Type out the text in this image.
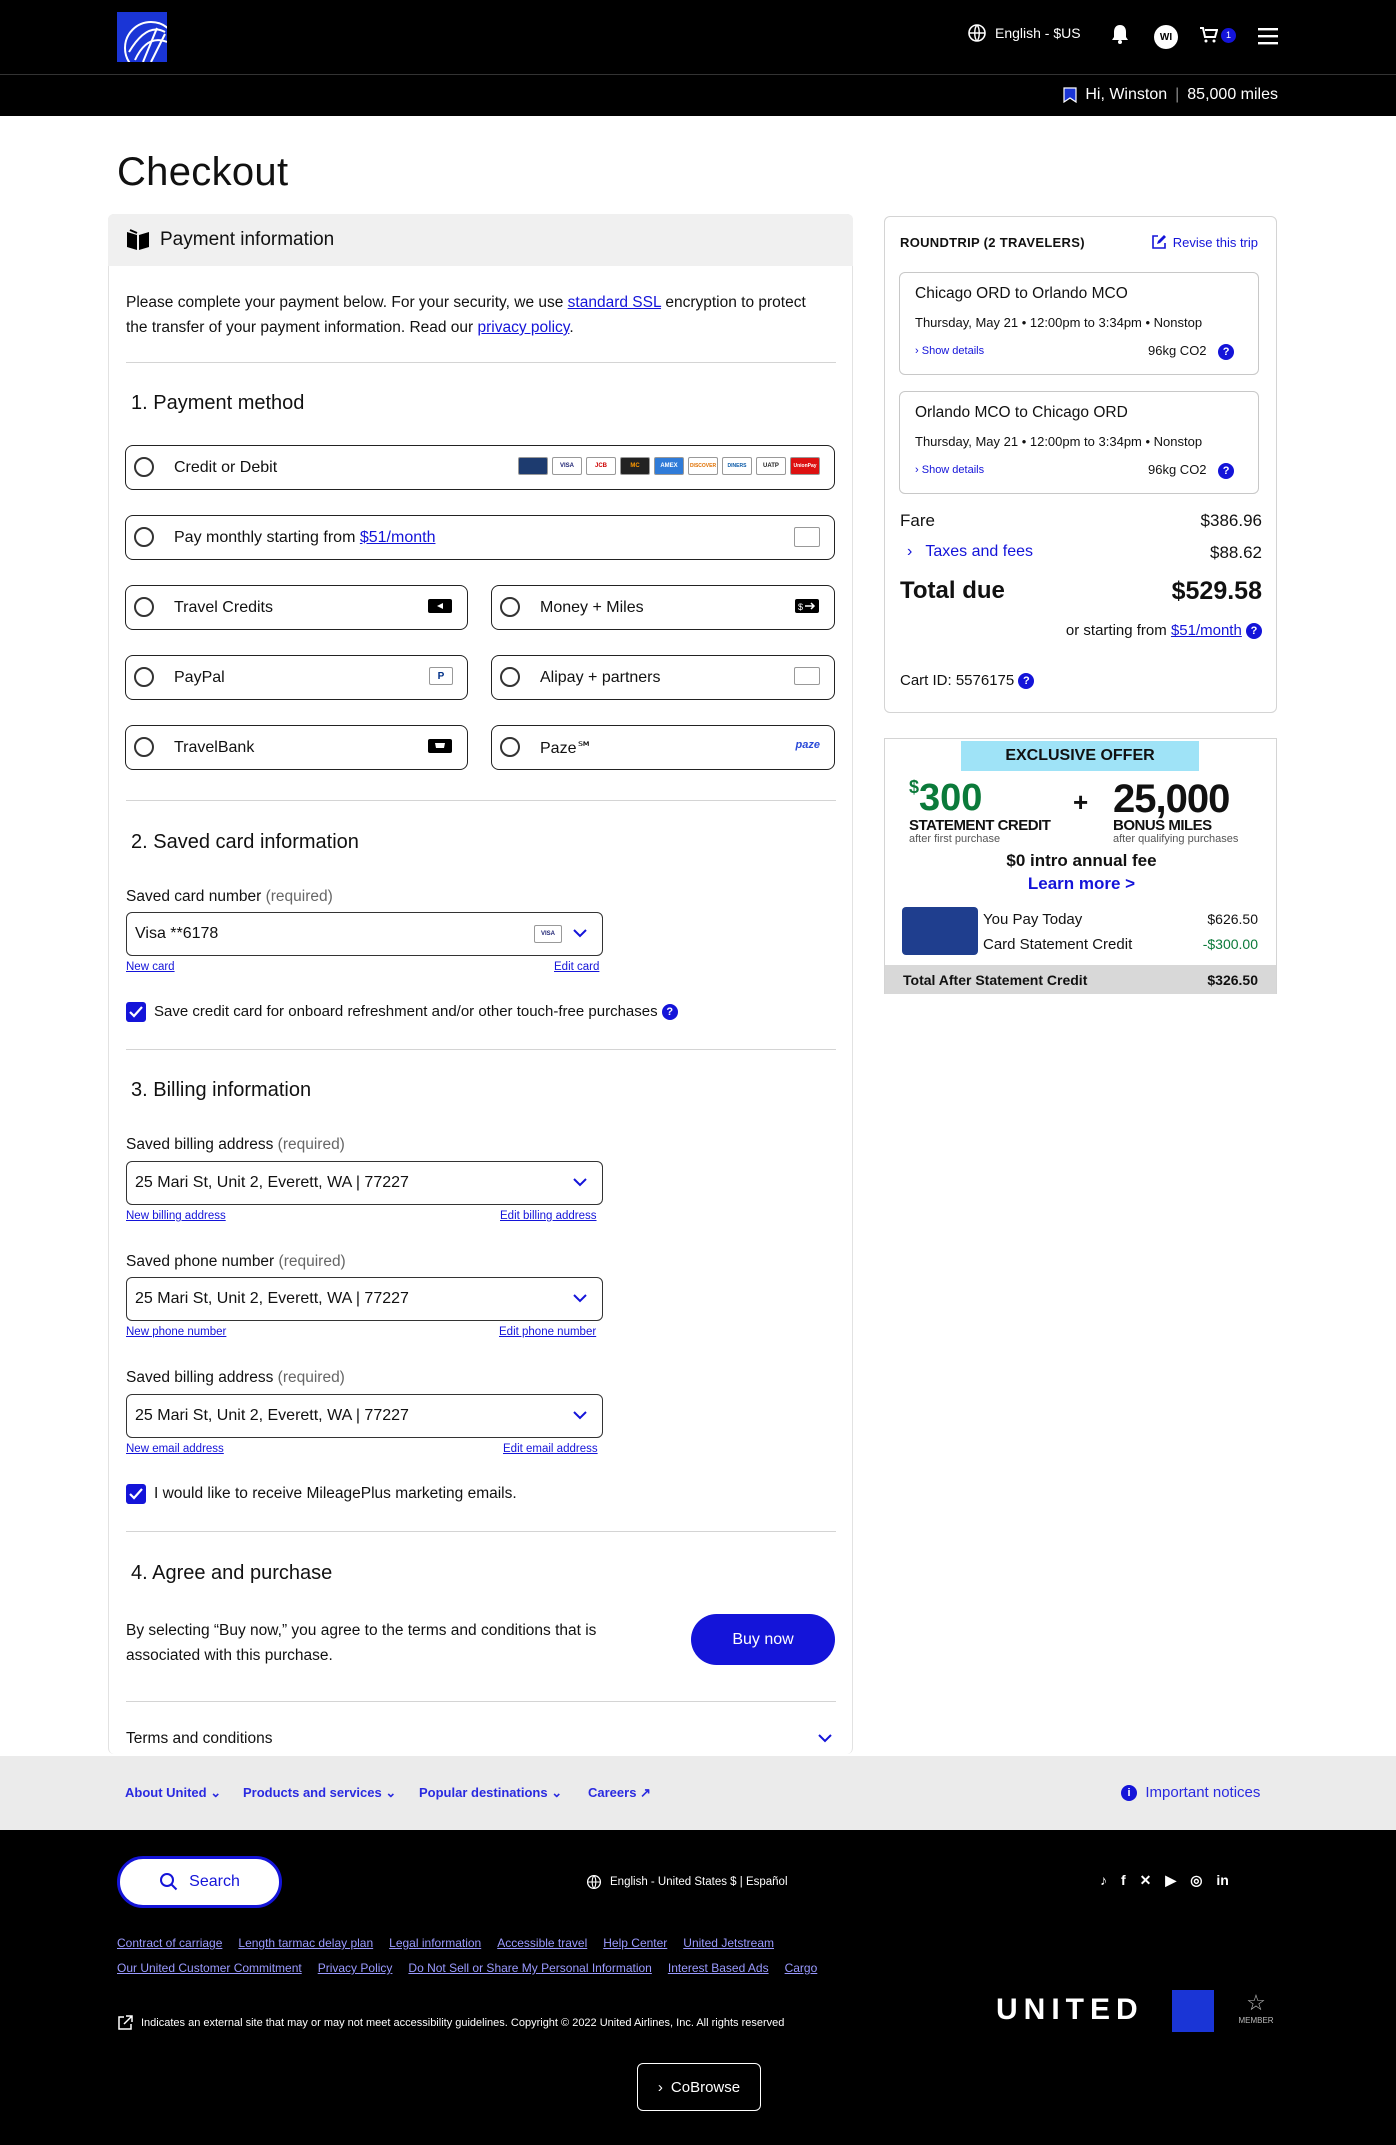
English - $US	WI	1
Hi, Winston | 85,000 miles
Checkout
Payment information
Please complete your payment below. For your security, we use standard SSL encryption to protect the transfer of your payment information. Read our privacy policy.
1. Payment method
Credit or Debit	VISA	JCB	MC	AMEX	DISCOVER	DINERS	UATP	UnionPay
Pay monthly starting from
$51/month
Travel Credits	Money + Miles	$
PayPal	P	Alipay + partners
TravelBank	Paze℠	paze
2. Saved card information
Saved card number (required)
Visa **6178	VISA
New card	Edit card
Save credit card for onboard refreshment and/or other touch-free purchases ?
3. Billing information
Saved billing address (required)
25 Mari St, Unit 2, Everett, WA | 77227
New billing address	Edit billing address
Saved phone number (required)
25 Mari St, Unit 2, Everett, WA | 77227
New phone number	Edit phone number
Saved billing address (required)
25 Mari St, Unit 2, Everett, WA | 77227
New email address	Edit email address
I would like to receive MileagePlus marketing emails.
4. Agree and purchase
By selecting “Buy now,” you agree to the terms and conditions that is associated with this purchase.
Buy now
Terms and conditions
ROUNDTRIP (2 TRAVELERS)	Revise this trip
Chicago ORD to Orlando MCO
Thursday, May 21 • 12:00pm to 3:34pm • Nonstop
› Show details	96kg CO2 ?
Orlando MCO to Chicago ORD
Thursday, May 21 • 12:00pm to 3:34pm • Nonstop
› Show details	96kg CO2 ?
Fare	$386.96
›   Taxes and fees	$88.62
Total due	$529.58
or starting from $51/month ?
Cart ID: 5576175 ?
EXCLUSIVE OFFER
$300
STATEMENT CREDIT
after first purchase
+ 25,000
BONUS MILES
after qualifying purchases
$0 intro annual fee
Learn more >
You Pay Today	$626.50
Card Statement Credit	-$300.00
Total After Statement Credit	$326.50
About United ⌄ Products and services ⌄ Popular destinations ⌄ Careers ↗	i Important notices
Search	English - United States $ | Español	♪ f ✕ ▶ ◎ in
Contract of carriage Length tarmac delay plan Legal information Accessible travel Help Center United Jetstream
Our United Customer Commitment Privacy Policy Do Not Sell or Share My Personal Information Interest Based Ads Cargo
Indicates an external site that may or may not meet accessibility guidelines. Copyright © 2022 United Airlines, Inc. All rights reserved	UNITED	☆
MEMBER
› CoBrowse
